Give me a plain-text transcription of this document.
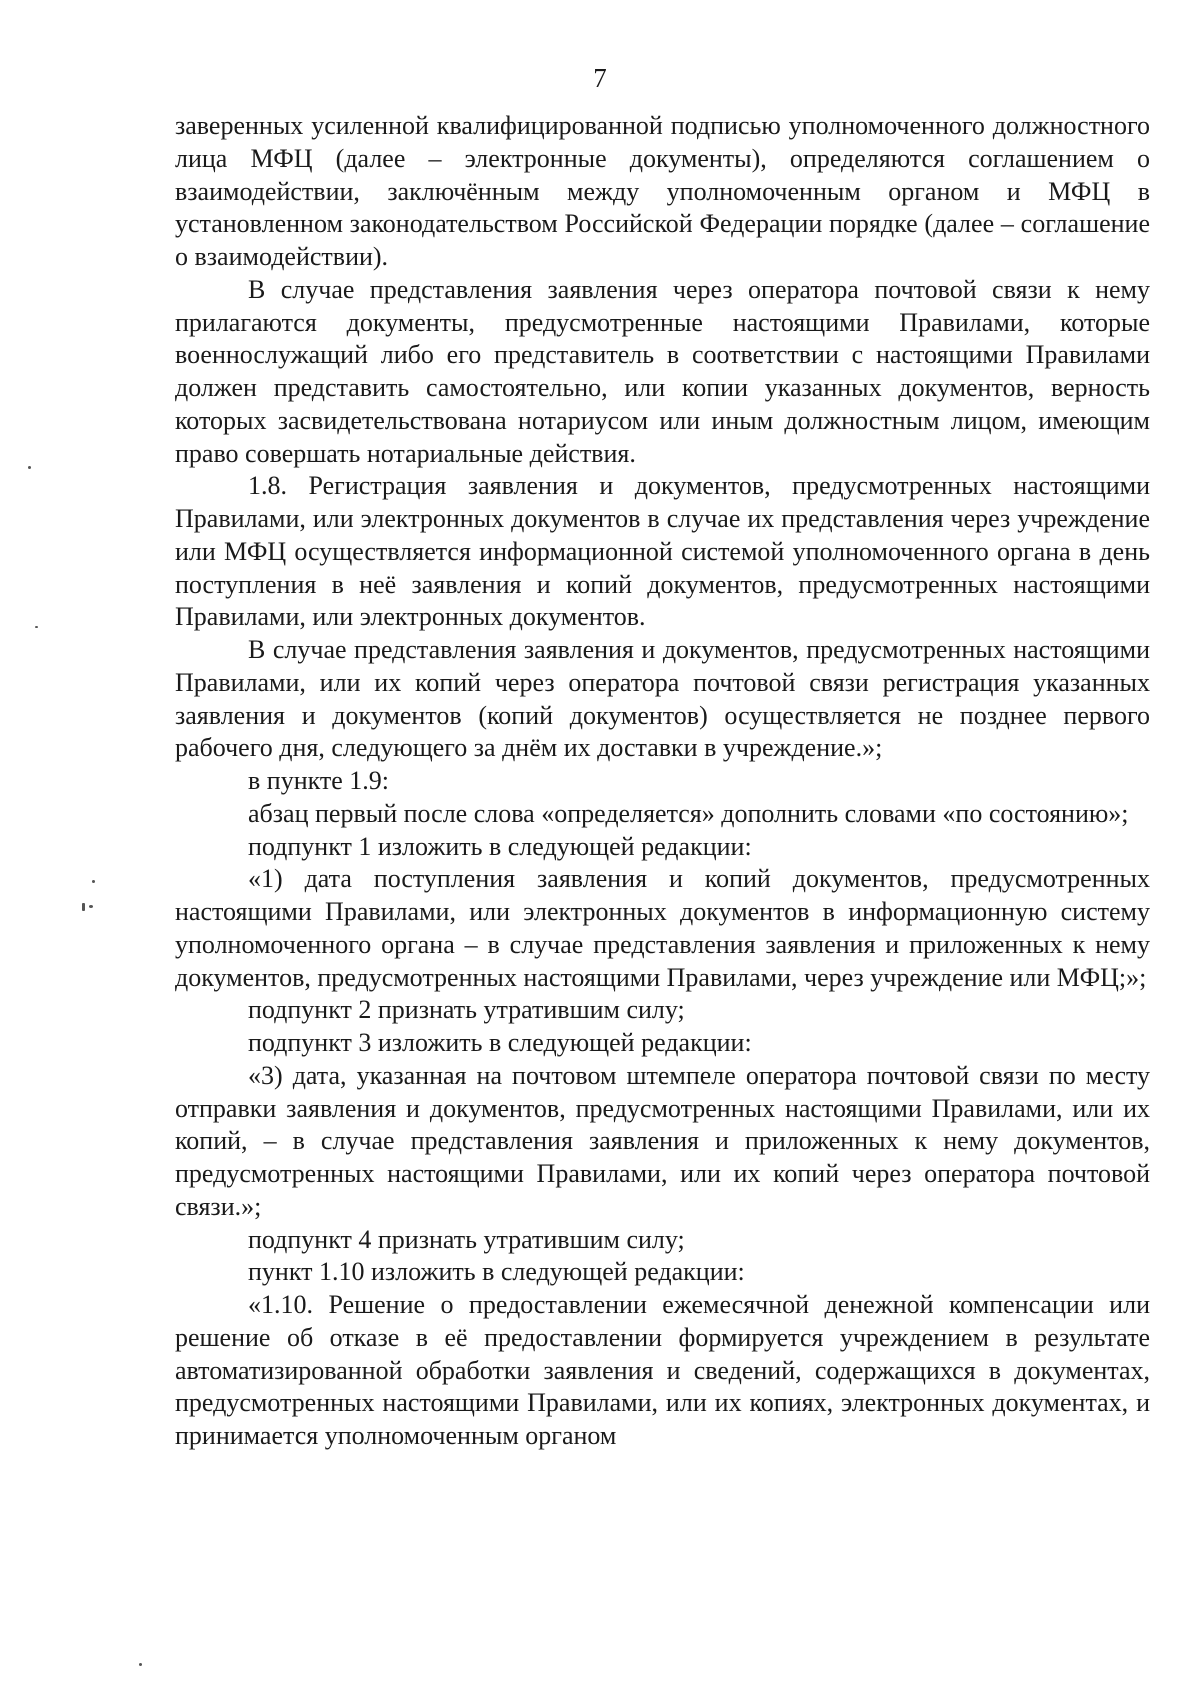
7

заверенных усиленной квалифицированной подписью уполномоченного должностного лица МФЦ (далее – электронные документы), определяются соглашением о взаимодействии, заключённым между уполномоченным органом и МФЦ в установленном законодательством Российской Федерации порядке (далее – соглашение о взаимодействии).

В случае представления заявления через оператора почтовой связи к нему прилагаются документы, предусмотренные настоящими Правилами, которые военнослужащий либо его представитель в соответствии с настоящими Правилами должен представить самостоятельно, или копии указанных документов, верность которых засвидетельствована нотариусом или иным должностным лицом, имеющим право совершать нотариальные действия.

1.8. Регистрация заявления и документов, предусмотренных настоящими Правилами, или электронных документов в случае их представления через учреждение или МФЦ осуществляется информационной системой уполномоченного органа в день поступления в неё заявления и копий документов, предусмотренных настоящими Правилами, или электронных документов.

В случае представления заявления и документов, предусмотренных настоящими Правилами, или их копий через оператора почтовой связи регистрация указанных заявления и документов (копий документов) осуществляется не позднее первого рабочего дня, следующего за днём их доставки в учреждение.»;

в пункте 1.9:

абзац первый после слова «определяется» дополнить словами «по состоянию»;

подпункт 1 изложить в следующей редакции:

«1) дата поступления заявления и копий документов, предусмотренных настоящими Правилами, или электронных документов в информационную систему уполномоченного органа – в случае представления заявления и приложенных к нему документов, предусмотренных настоящими Правилами, через учреждение или МФЦ;»;

подпункт 2 признать утратившим силу;

подпункт 3 изложить в следующей редакции:

«3) дата, указанная на почтовом штемпеле оператора почтовой связи по месту отправки заявления и документов, предусмотренных настоящими Правилами, или их копий, – в случае представления заявления и приложенных к нему документов, предусмотренных настоящими Правилами, или их копий через оператора почтовой связи.»;

подпункт 4 признать утратившим силу;

пункт 1.10 изложить в следующей редакции:

«1.10. Решение о предоставлении ежемесячной денежной компенсации или решение об отказе в её предоставлении формируется учреждением в результате автоматизированной обработки заявления и сведений, содержащихся в документах, предусмотренных настоящими Правилами, или их копиях, электронных документах, и принимается уполномоченным органом
